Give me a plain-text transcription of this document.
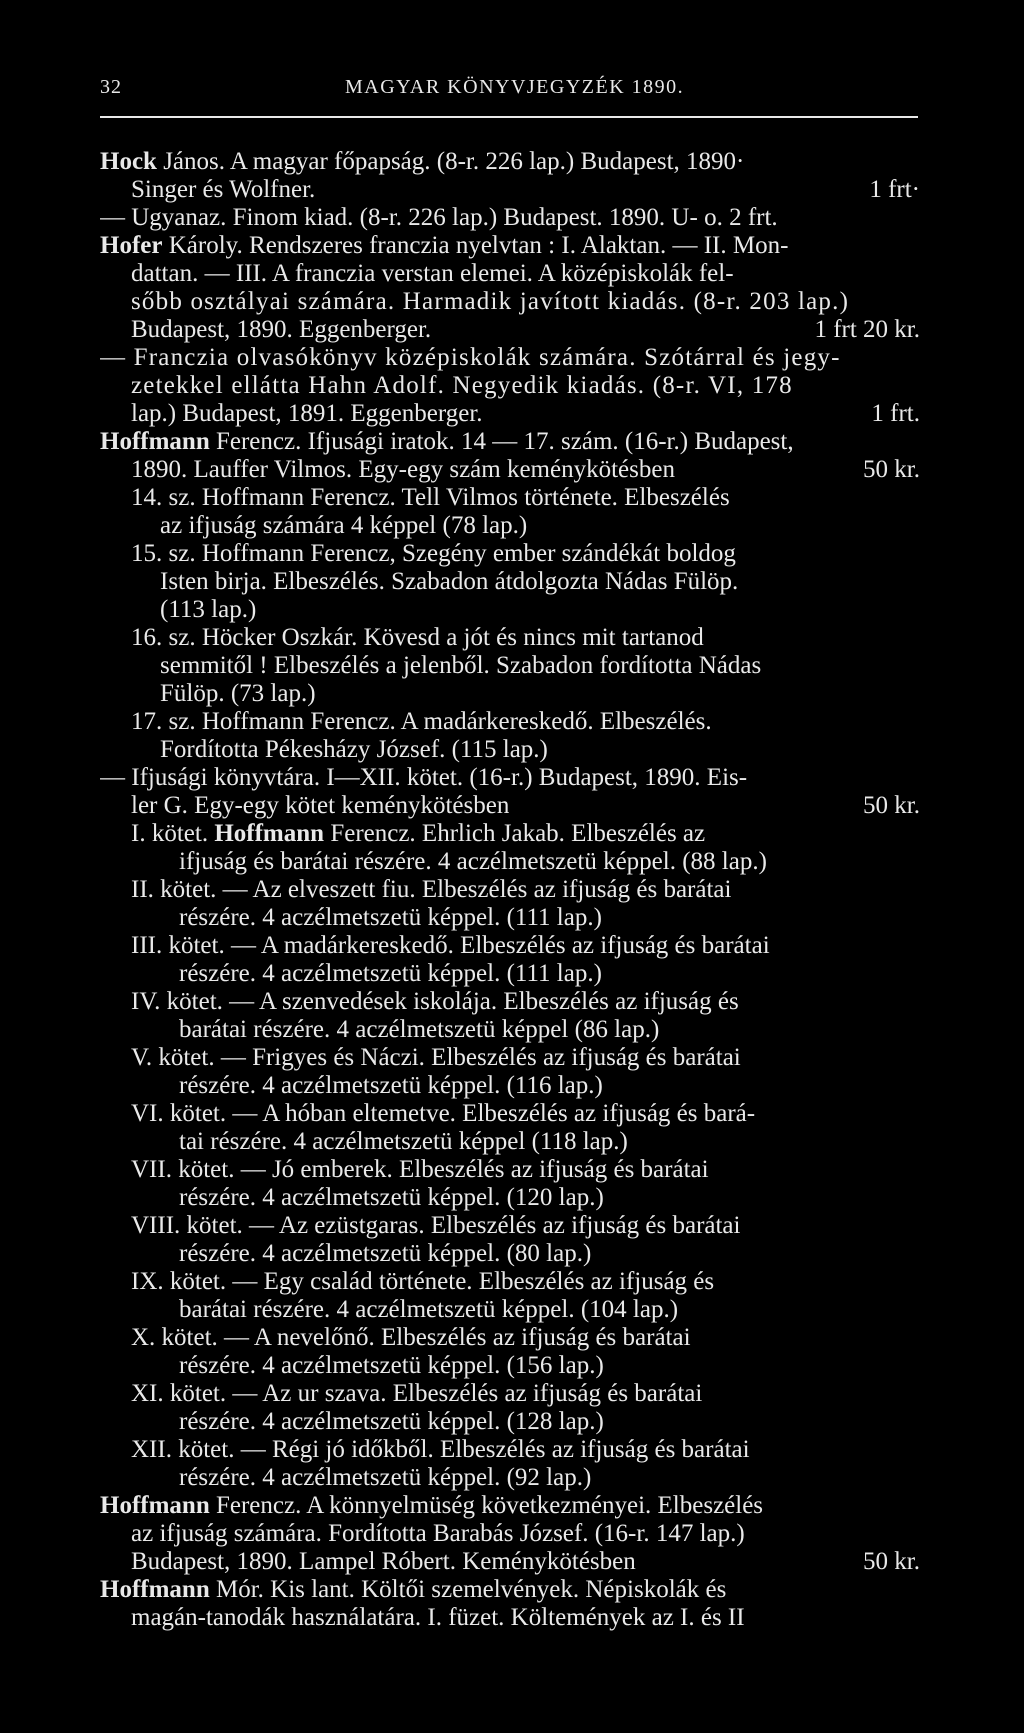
32	MAGYAR KÖNYVJEGYZÉK 1890.
Hock János. A magyar főpapság. (8-r. 226 lap.) Budapest, 1890·
Singer és Wolfner.	1 frt·
— Ugyanaz. Finom kiad. (8-r. 226 lap.) Budapest. 1890. U- o. 2 frt.
Hofer Károly. Rendszeres franczia nyelvtan : I. Alaktan. — II. Mon-
dattan. — III. A franczia verstan elemei. A középiskolák fel-
sőbb osztályai számára. Harmadik javított kiadás. (8-r. 203 lap.)
Budapest, 1890. Eggenberger.	1 frt 20 kr.
— Franczia olvasókönyv középiskolák számára. Szótárral és jegy-
zetekkel ellátta Hahn Adolf. Negyedik kiadás. (8-r. VI, 178
lap.) Budapest, 1891. Eggenberger.	1 frt.
Hoffmann Ferencz. Ifjusági iratok. 14 — 17. szám. (16-r.) Budapest,
1890. Lauffer Vilmos. Egy-egy szám keménykötésben	50 kr.
14. sz. Hoffmann Ferencz. Tell Vilmos története. Elbeszélés
az ifjuság számára 4 képpel (78 lap.)
15. sz. Hoffmann Ferencz, Szegény ember szándékát boldog
Isten birja. Elbeszélés. Szabadon átdolgozta Nádas Fülöp.
(113 lap.)
16. sz. Höcker Oszkár. Kövesd a jót és nincs mit tartanod
semmitől ! Elbeszélés a jelenből. Szabadon fordította Nádas
Fülöp. (73 lap.)
17. sz. Hoffmann Ferencz. A madárkereskedő. Elbeszélés.
Fordította Pékesházy József. (115 lap.)
— Ifjusági könyvtára. I—XII. kötet. (16-r.) Budapest, 1890. Eis-
ler G. Egy-egy kötet keménykötésben	50 kr.
I. kötet. Hoffmann Ferencz. Ehrlich Jakab. Elbeszélés az
ifjuság és barátai részére. 4 aczélmetszetü képpel. (88 lap.)
II. kötet. — Az elveszett fiu. Elbeszélés az ifjuság és barátai
részére. 4 aczélmetszetü képpel. (111 lap.)
III. kötet. — A madárkereskedő. Elbeszélés az ifjuság és barátai
részére. 4 aczélmetszetü képpel. (111 lap.)
IV. kötet. — A szenvedések iskolája. Elbeszélés az ifjuság és
barátai részére. 4 aczélmetszetü képpel (86 lap.)
V. kötet. — Frigyes és Náczi. Elbeszélés az ifjuság és barátai
részére. 4 aczélmetszetü képpel. (116 lap.)
VI. kötet. — A hóban eltemetve. Elbeszélés az ifjuság és bará-
tai részére. 4 aczélmetszetü képpel (118 lap.)
VII. kötet. — Jó emberek. Elbeszélés az ifjuság és barátai
részére. 4 aczélmetszetü képpel. (120 lap.)
VIII. kötet. — Az ezüstgaras. Elbeszélés az ifjuság és barátai
részére. 4 aczélmetszetü képpel. (80 lap.)
IX. kötet. — Egy család története. Elbeszélés az ifjuság és
barátai részére. 4 aczélmetszetü képpel. (104 lap.)
X. kötet. — A nevelőnő. Elbeszélés az ifjuság és barátai
részére. 4 aczélmetszetü képpel. (156 lap.)
XI. kötet. — Az ur szava. Elbeszélés az ifjuság és barátai
részére. 4 aczélmetszetü képpel. (128 lap.)
XII. kötet. — Régi jó időkből. Elbeszélés az ifjuság és barátai
részére. 4 aczélmetszetü képpel. (92 lap.)
Hoffmann Ferencz. A könnyelmüség következményei. Elbeszélés
az ifjuság számára. Fordította Barabás József. (16-r. 147 lap.)
Budapest, 1890. Lampel Róbert. Keménykötésben	50 kr.
Hoffmann Mór. Kis lant. Költői szemelvények. Népiskolák és
magán-tanodák használatára. I. füzet. Költemények az I. és II
